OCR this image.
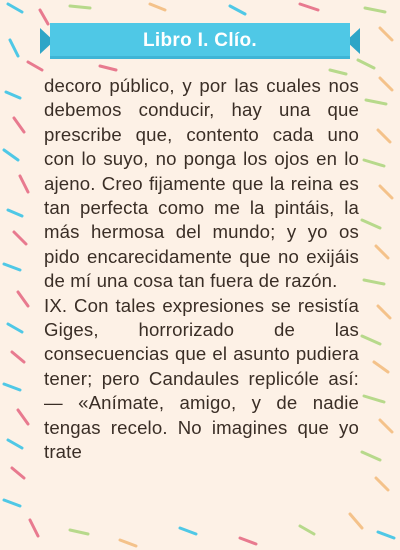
Libro I. Clío.

decoro público, y por las cuales nos debemos conducir, hay una que prescribe que, contento cada uno con lo suyo, no ponga los ojos en lo ajeno. Creo fijamente que la reina es tan perfecta como me la pintáis, la más hermosa del mundo; y yo os pido encarecidamente que no exijáis de mí una cosa tan fuera de razón.

IX. Con tales expresiones se resistía Giges, horrorizado de las consecuencias que el asunto pudiera tener; pero Candaules replicóle así: — «Anímate, amigo, y de nadie tengas recelo. No imagines que yo trate
